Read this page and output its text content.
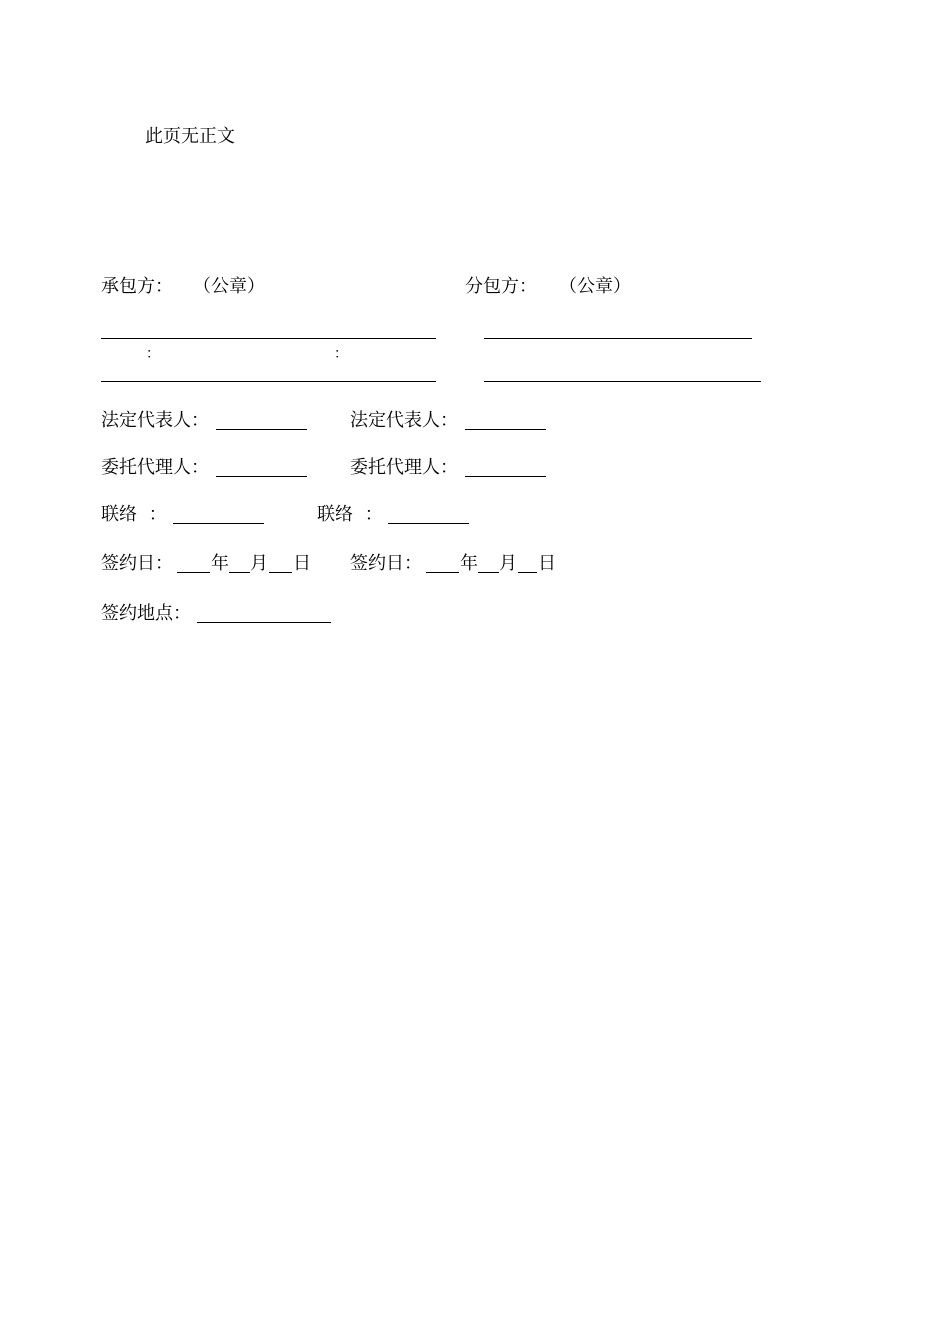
此页无正文
承包方： （公章）	分包方： （公章）
：	：
法定代表人：	法定代表人：
委托代理人：	委托代理人：
联络 ：	联络 ：
签约日： 年 月 日 签约日： 年 月 日
签约地点：
